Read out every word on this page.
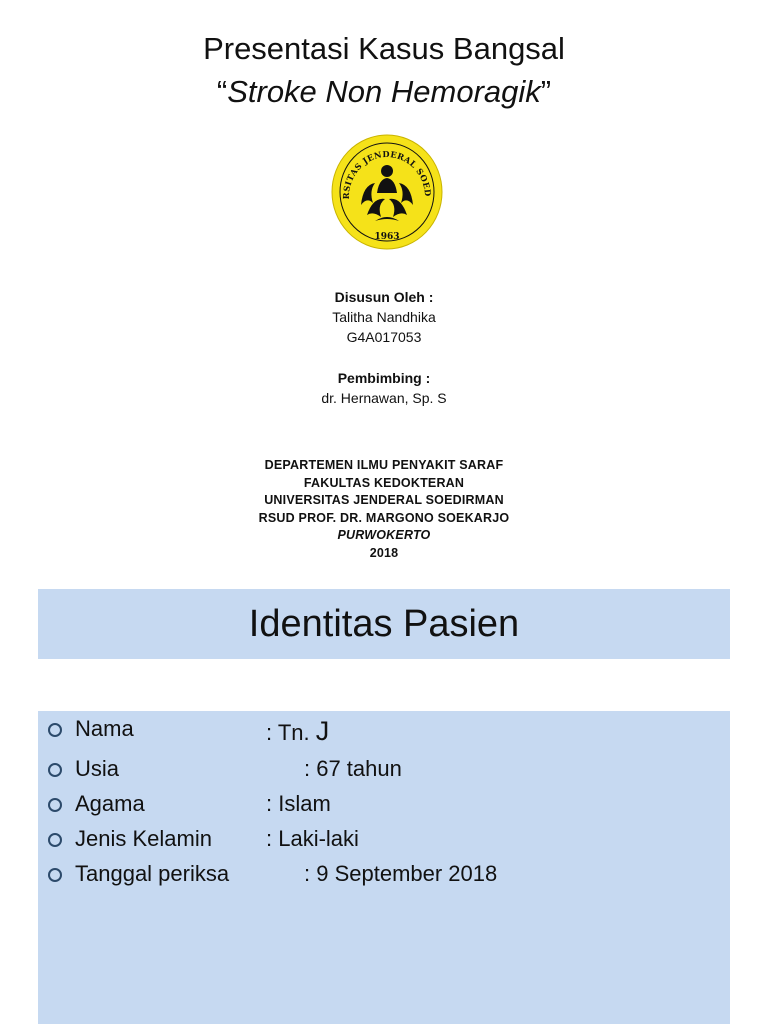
Presentasi Kasus Bangsal
“Stroke Non Hemoragik”
RSITAS JENDERAL SOED
1963
Disusun Oleh :
Talitha Nandhika
G4A017053
Pembimbing :
dr. Hernawan, Sp. S
DEPARTEMEN ILMU PENYAKIT SARAF
FAKULTAS KEDOKTERAN
UNIVERSITAS JENDERAL SOEDIRMAN
RSUD PROF. DR. MARGONO SOEKARJO
PURWOKERTO
2018
Identitas Pasien
Nama	: Tn. J
Usia	: 67 tahun
Agama	: Islam
Jenis Kelamin : Laki-laki
Tanggal periksa	: 9 September 2018
